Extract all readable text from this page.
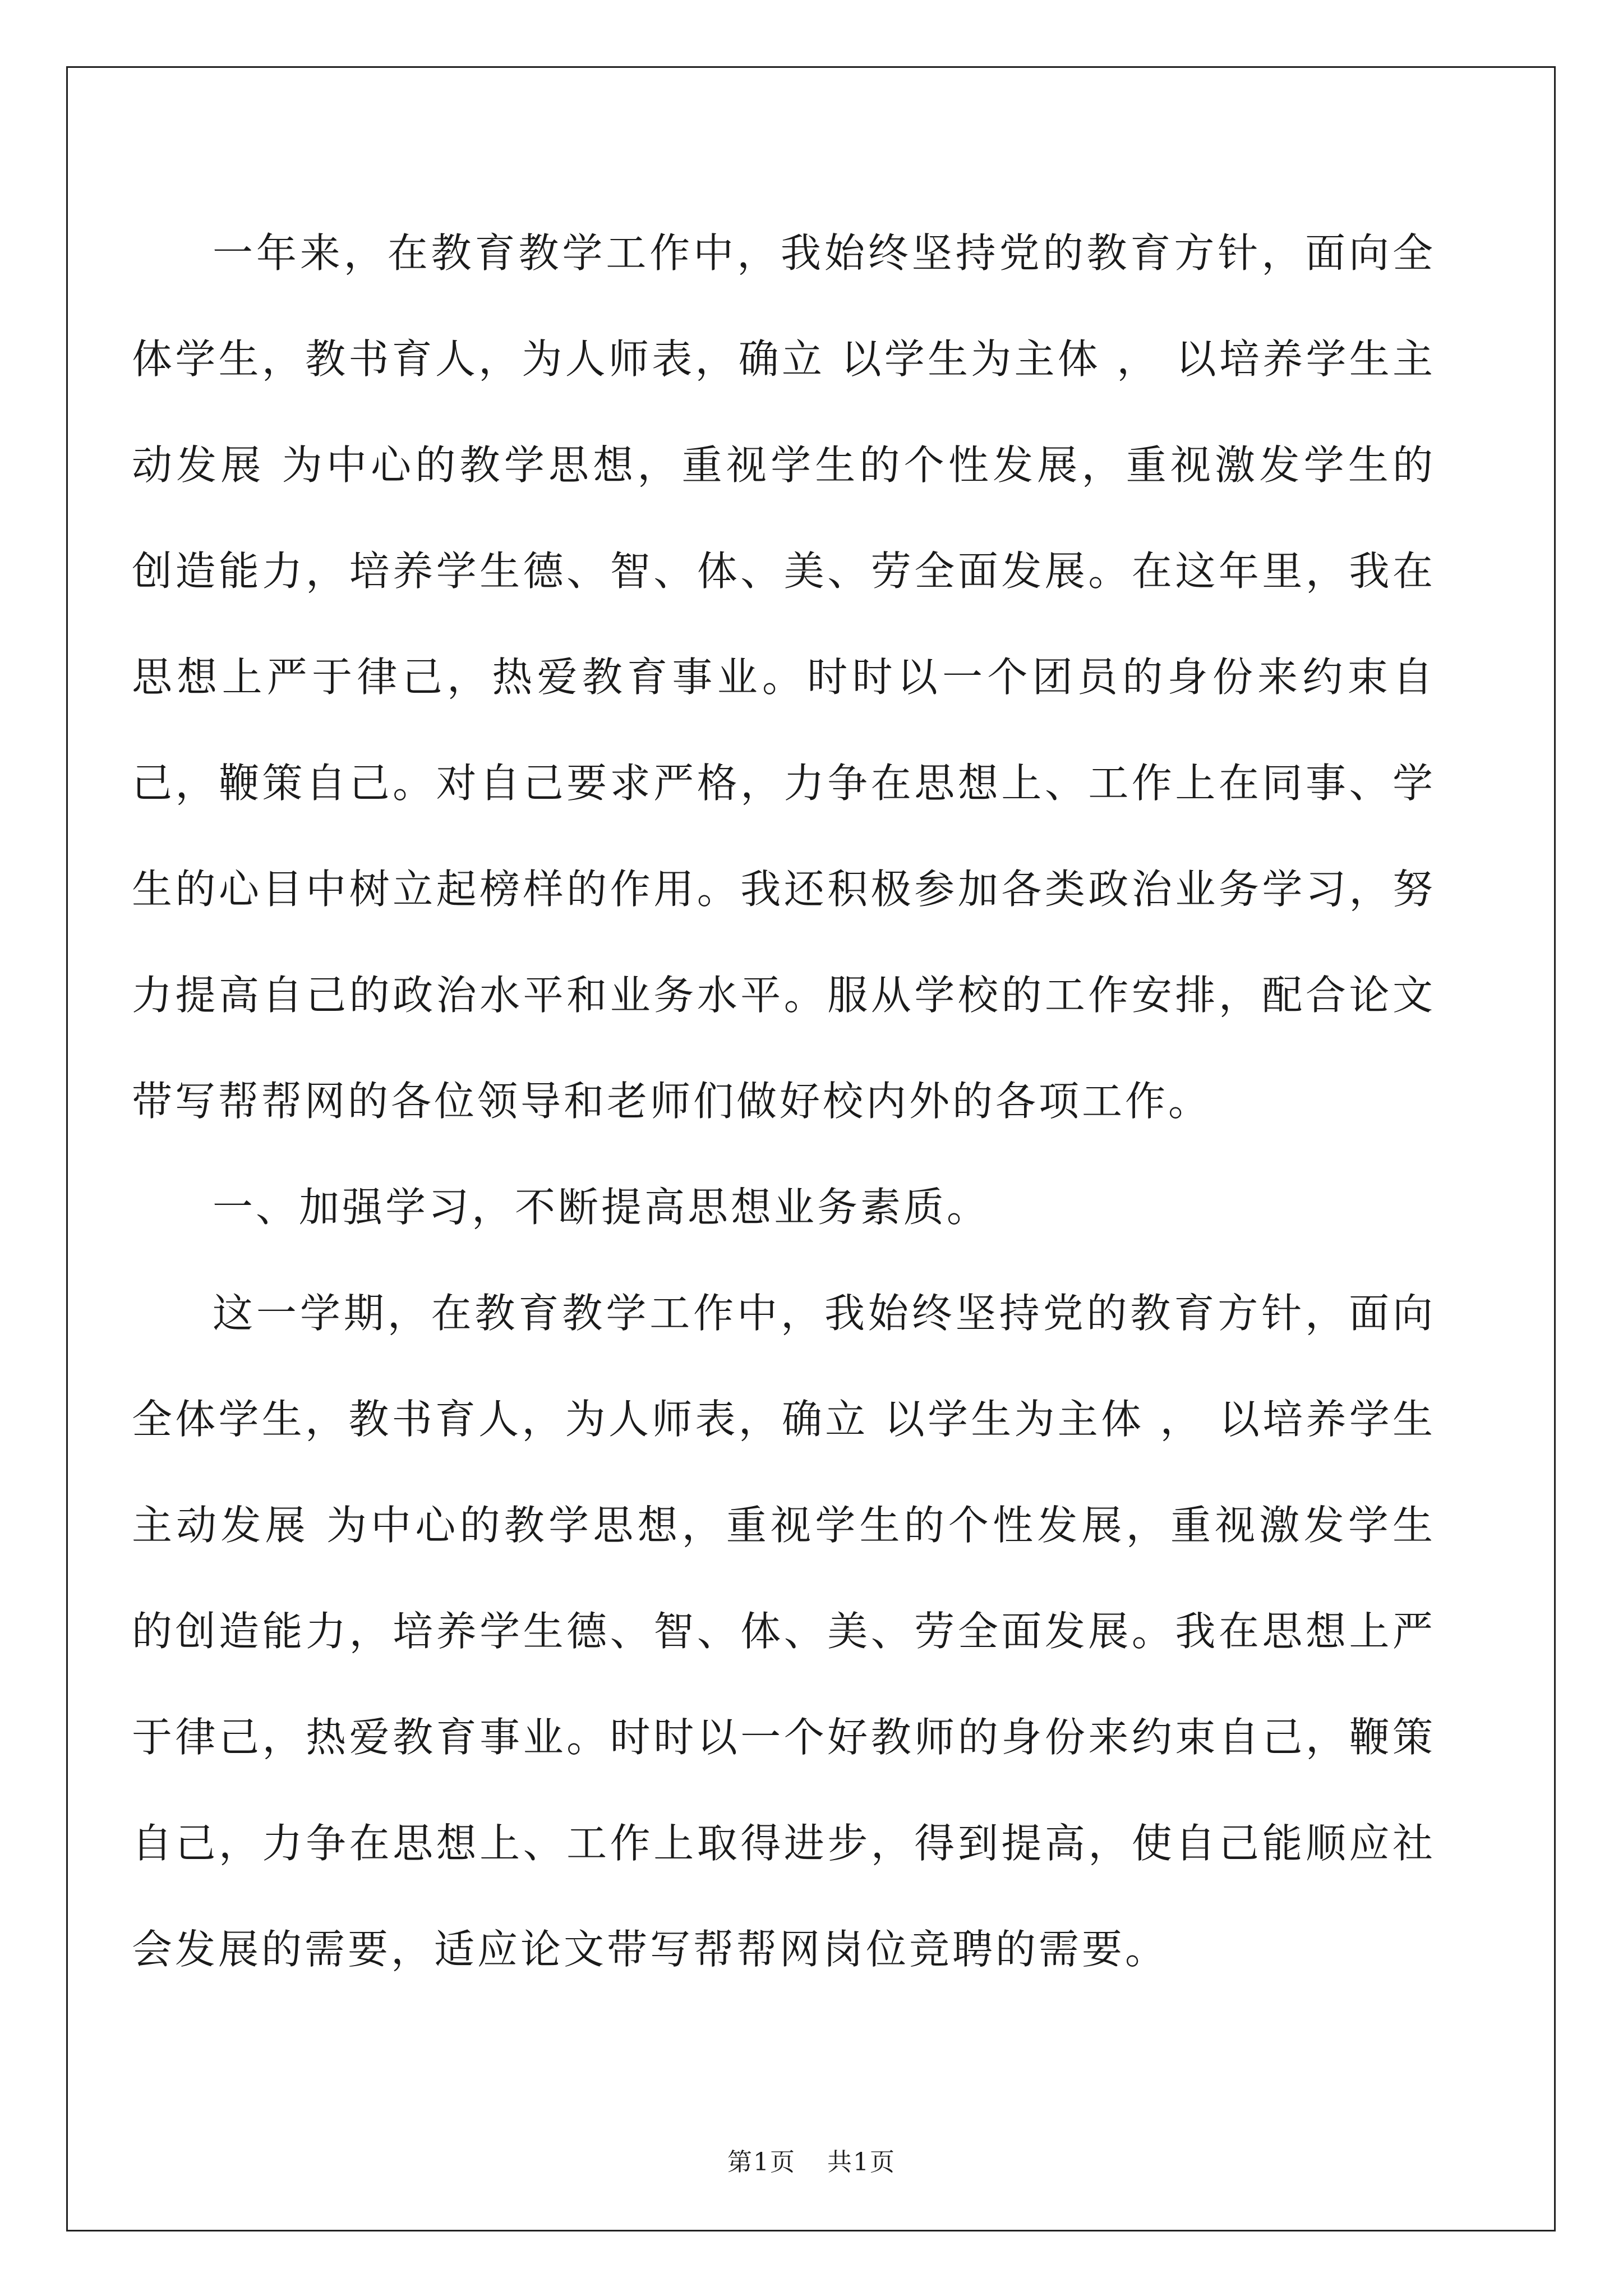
一年来，在教育教学工作中，我始终坚持党的教育方针，面向全体学生，教书育人，为人师表，确立 以学生为主体 ， 以培养学生主动发展 为中心的教学思想，重视学生的个性发展，重视激发学生的创造能力，培养学生德、智、体、美、劳全面发展。在这年里，我在思想上严于律己，热爱教育事业。时时以一个团员的身份来约束自己，鞭策自己。对自己要求严格，力争在思想上、工作上在同事、学生的心目中树立起榜样的作用。我还积极参加各类政治业务学习，努力提高自己的政治水平和业务水平。服从学校的工作安排，配合论文带写帮帮网的各位领导和老师们做好校内外的各项工作。

一、加强学习，不断提高思想业务素质。

这一学期，在教育教学工作中，我始终坚持党的教育方针，面向全体学生，教书育人，为人师表，确立 以学生为主体 ， 以培养学生主动发展 为中心的教学思想，重视学生的个性发展，重视激发学生的创造能力，培养学生德、智、体、美、劳全面发展。我在思想上严于律己，热爱教育事业。时时以一个好教师的身份来约束自己，鞭策自己，力争在思想上、工作上取得进步，得到提高，使自己能顺应社会发展的需要，适应论文带写帮帮网岗位竞聘的需要。

第1页 共1页
